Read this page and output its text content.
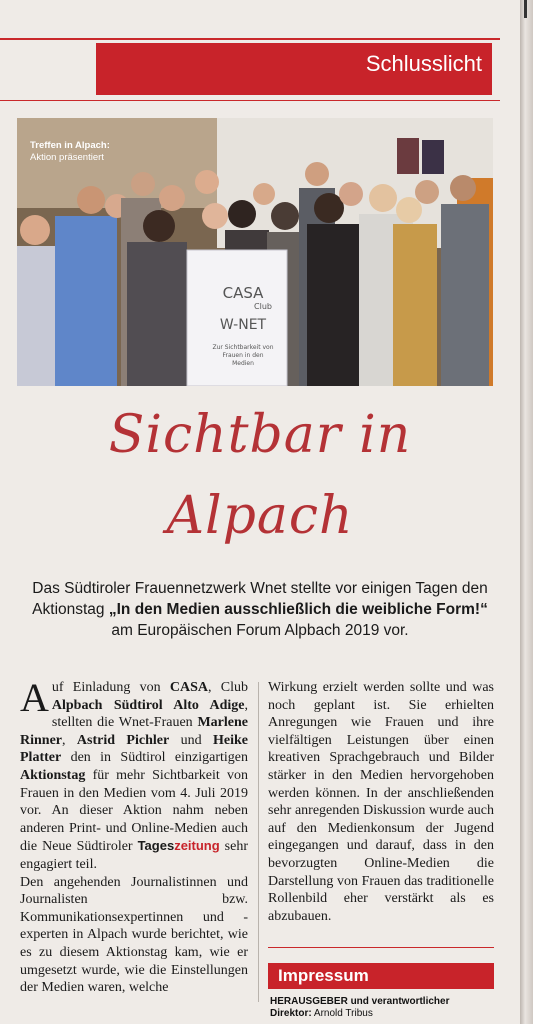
Schlusslicht
CASA
Club
W-NET
Zur Sichtbarkeit von
Frauen in den
Medien
Treffen in Alpach:
Aktion präsentiert
Sichtbar in
Alpach
Das Südtiroler Frauennetzwerk Wnet stellte vor einigen Tagen den Aktionstag „In den Medien ausschließlich die weibliche Form!“ am Europäischen Forum Alpbach 2019 vor.
Auf Einladung von CASA, Club Alpbach Südtirol Alto Adige, stellten die Wnet-Frauen Marlene Rinner, Astrid Pichler und Heike Platter den in Südtirol einzigartigen Aktionstag für mehr Sichtbarkeit von Frauen in den Medien vom 4. Juli 2019 vor. An dieser Aktion nahm neben anderen Print- und Online-Medien auch die Neue Südtiroler Tageszeitung sehr engagiert teil.
Den angehenden Journalistinnen und Journalisten bzw. Kommunikationsexpertinnen und -experten in Alpach wurde berichtet, wie es zu diesem Aktionstag kam, wie er umgesetzt wurde, wie die Einstellungen der Medien waren, welche
Wirkung erzielt werden sollte und was noch geplant ist. Sie erhielten Anregungen wie Frauen und ihre vielfältigen Leistungen über einen kreativen Sprachgebrauch und Bilder stärker in den Medien hervorgehoben werden können. In der anschließenden sehr anregenden Diskussion wurde auch auf den Medienkonsum der Jugend eingegangen und darauf, dass in den bevorzugten Online-Medien die Darstellung von Frauen das traditionelle Rollenbild eher verstärkt als es abzubauen.
Impressum
HERAUSGEBER und verantwortlicher
Direktor: Arnold Tribus
